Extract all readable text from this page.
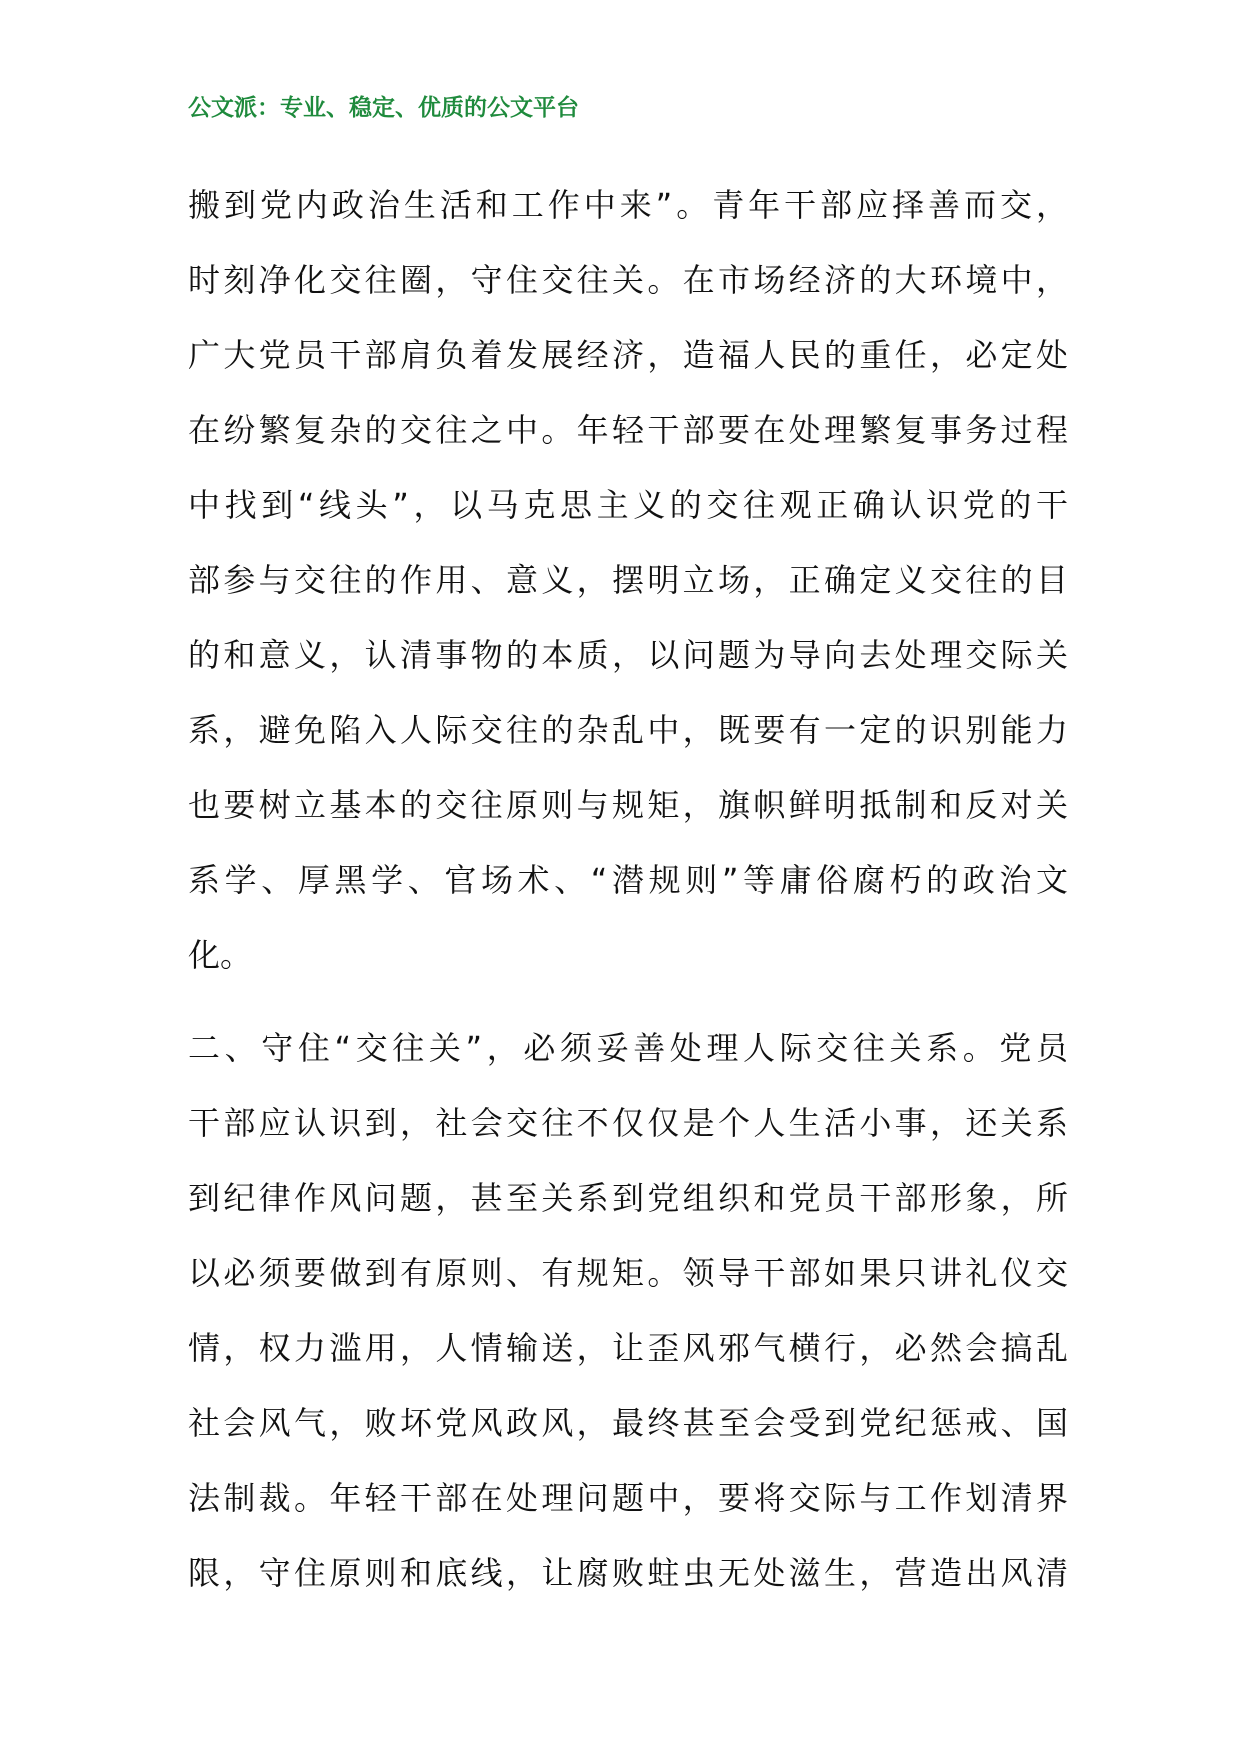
公文派：专业、稳定、优质的公文平台
搬到党内政治生活和工作中来”。青年干部应择善而交，
时刻净化交往圈，守住交往关。在市场经济的大环境中，
广大党员干部肩负着发展经济，造福人民的重任，必定处
在纷繁复杂的交往之中。年轻干部要在处理繁复事务过程
中找到“线头”，以马克思主义的交往观正确认识党的干
部参与交往的作用、意义，摆明立场，正确定义交往的目
的和意义，认清事物的本质，以问题为导向去处理交际关
系，避免陷入人际交往的杂乱中，既要有一定的识别能力
也要树立基本的交往原则与规矩，旗帜鲜明抵制和反对关
系学、厚黑学、官场术、“潜规则”等庸俗腐朽的政治文
化。
二、守住“交往关”，必须妥善处理人际交往关系。党员
干部应认识到，社会交往不仅仅是个人生活小事，还关系
到纪律作风问题，甚至关系到党组织和党员干部形象，所
以必须要做到有原则、有规矩。领导干部如果只讲礼仪交
情，权力滥用，人情输送，让歪风邪气横行，必然会搞乱
社会风气，败坏党风政风，最终甚至会受到党纪惩戒、国
法制裁。年轻干部在处理问题中，要将交际与工作划清界
限，守住原则和底线，让腐败蛀虫无处滋生，营造出风清
